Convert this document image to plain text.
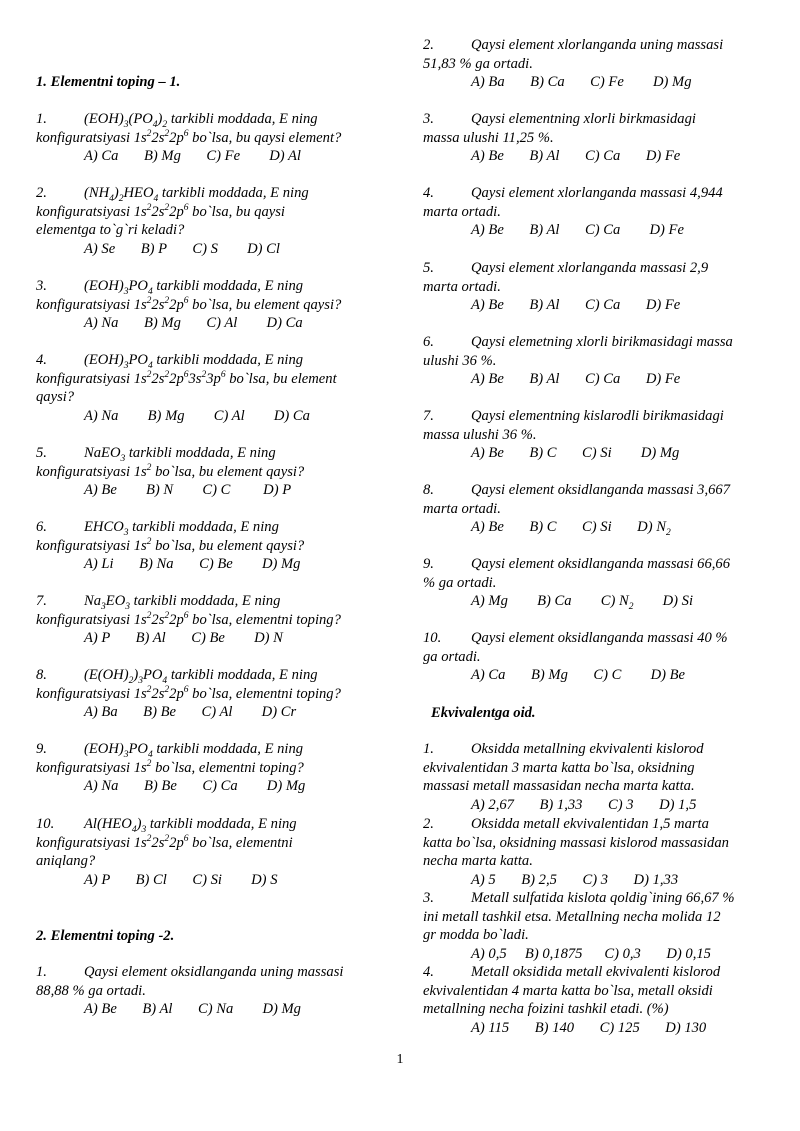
1. Elementni toping – 1.
1.	$(EOH)_3(PO_4)_2$ tarkibli moddada, E ning
konfiguratsiyasi $1s^22s^22p^6$ bo`lsa, bu qaysi element?
A) Ca       B) Mg       C) Fe        D) Al
2.	$(NH_4)_2HEO_4$ tarkibli moddada, E ning
konfiguratsiyasi $1s^22s^22p^6$ bo`lsa, bu qaysi
elementga to`g`ri keladi?
A) Se       B) P       C) S        D) Cl
3.	$(EOH)_3PO_4$ tarkibli moddada, E ning
konfiguratsiyasi $1s^22s^22p^6$ bo`lsa, bu element qaysi?
A) Na       B) Mg       C) Al        D) Ca
4.	$(EOH)_3PO_4$ tarkibli moddada, E ning
konfiguratsiyasi $1s^22s^22p^63s^23p^6$ bo`lsa, bu element
qaysi?
A) Na        B) Mg        C) Al        D) Ca
5.	NaEO$_3$ tarkibli moddada, E ning
konfiguratsiyasi $1s^2$ bo`lsa, bu element qaysi?
A) Be        B) N        C) C         D) P
6.	$EHCO_3$ tarkibli moddada, E ning
konfiguratsiyasi $1s^2$ bo`lsa, bu element qaysi?
A) Li       B) Na       C) Be        D) Mg
7.	$Na_3EO_3$ tarkibli moddada, E ning
konfiguratsiyasi $1s^22s^22p^6$ bo`lsa, elementni toping?
A) P       B) Al       C) Be        D) N
8.	$(E(OH)_2)_3PO_4$ tarkibli moddada, E ning
konfiguratsiyasi $1s^22s^22p^6$ bo`lsa, elementni toping?
A) Ba       B) Be       C) Al        D) Cr
9.	$(EOH)_3PO_4$ tarkibli moddada, E ning
konfiguratsiyasi $1s^2$ bo`lsa, elementni toping?
A) Na       B) Be       C) Ca        D) Mg
10. $Al(HEO_4)_3$ tarkibli moddada, E ning
konfiguratsiyasi $1s^22s^22p^6$ bo`lsa, elementni
aniqlang?
A) P       B) Cl       C) Si        D) S
2. Elementni toping -2.
1.	Qaysi element oksidlanganda uning massasi
88,88 % ga ortadi.
A) Be       B) Al       C) Na        D) Mg
2.	Qaysi element xlorlanganda uning massasi
51,83 % ga ortadi.
A) Ba       B) Ca       C) Fe        D) Mg
3.	Qaysi elementning xlorli birkmasidagi
massa ulushi 11,25 %.
A) Be       B) Al       C) Ca       D) Fe
4.	Qaysi element xlorlanganda massasi 4,944
marta ortadi.
A) Be       B) Al       C) Ca        D) Fe
5.	Qaysi element xlorlanganda massasi 2,9
marta ortadi.
A) Be       B) Al       C) Ca       D) Fe
6.	Qaysi elemetning xlorli birikmasidagi massa
ulushi 36 %.
A) Be       B) Al       C) Ca       D) Fe
7.	Qaysi elementning kislarodli birikmasidagi
massa ulushi 36 %.
A) Be       B) C       C) Si        D) Mg
8.	Qaysi element oksidlanganda massasi 3,667
marta ortadi.
A) Be       B) C       C) Si       D) $N_2$
9.	Qaysi element oksidlanganda massasi 66,66
% ga ortadi.
A) Mg        B) Ca        C) $N_2$        D) Si
10. Qaysi element oksidlanganda massasi 40 %
ga ortadi.
A) Ca       B) Mg       C) C        D) Be
Ekvivalentga oid.
1.	Oksidda metallning ekvivalenti kislorod
ekvivalentidan 3 marta katta bo`lsa, oksidning
massasi metall massasidan necha marta katta.
A) 2,67       B) 1,33       C) 3       D) 1,5
2.	Oksidda metall ekvivalentidan 1,5 marta
katta bo`lsa, oksidning massasi kislorod massasidan
necha marta katta.
A) 5       B) 2,5       C) 3       D) 1,33
3.	Metall sulfatida kislota qoldig`ining 66,67 %
ini metall tashkil etsa. Metallning necha molida 12
gr modda bo`ladi.
A) 0,5     B) 0,1875      C) 0,3       D) 0,15
4.	Metall oksidida metall ekvivalenti kislorod
ekvivalentidan 4 marta katta bo`lsa, metall oksidi
metallning necha foizini tashkil etadi. (%)
A) 115       B) 140       C) 125       D) 130
1
